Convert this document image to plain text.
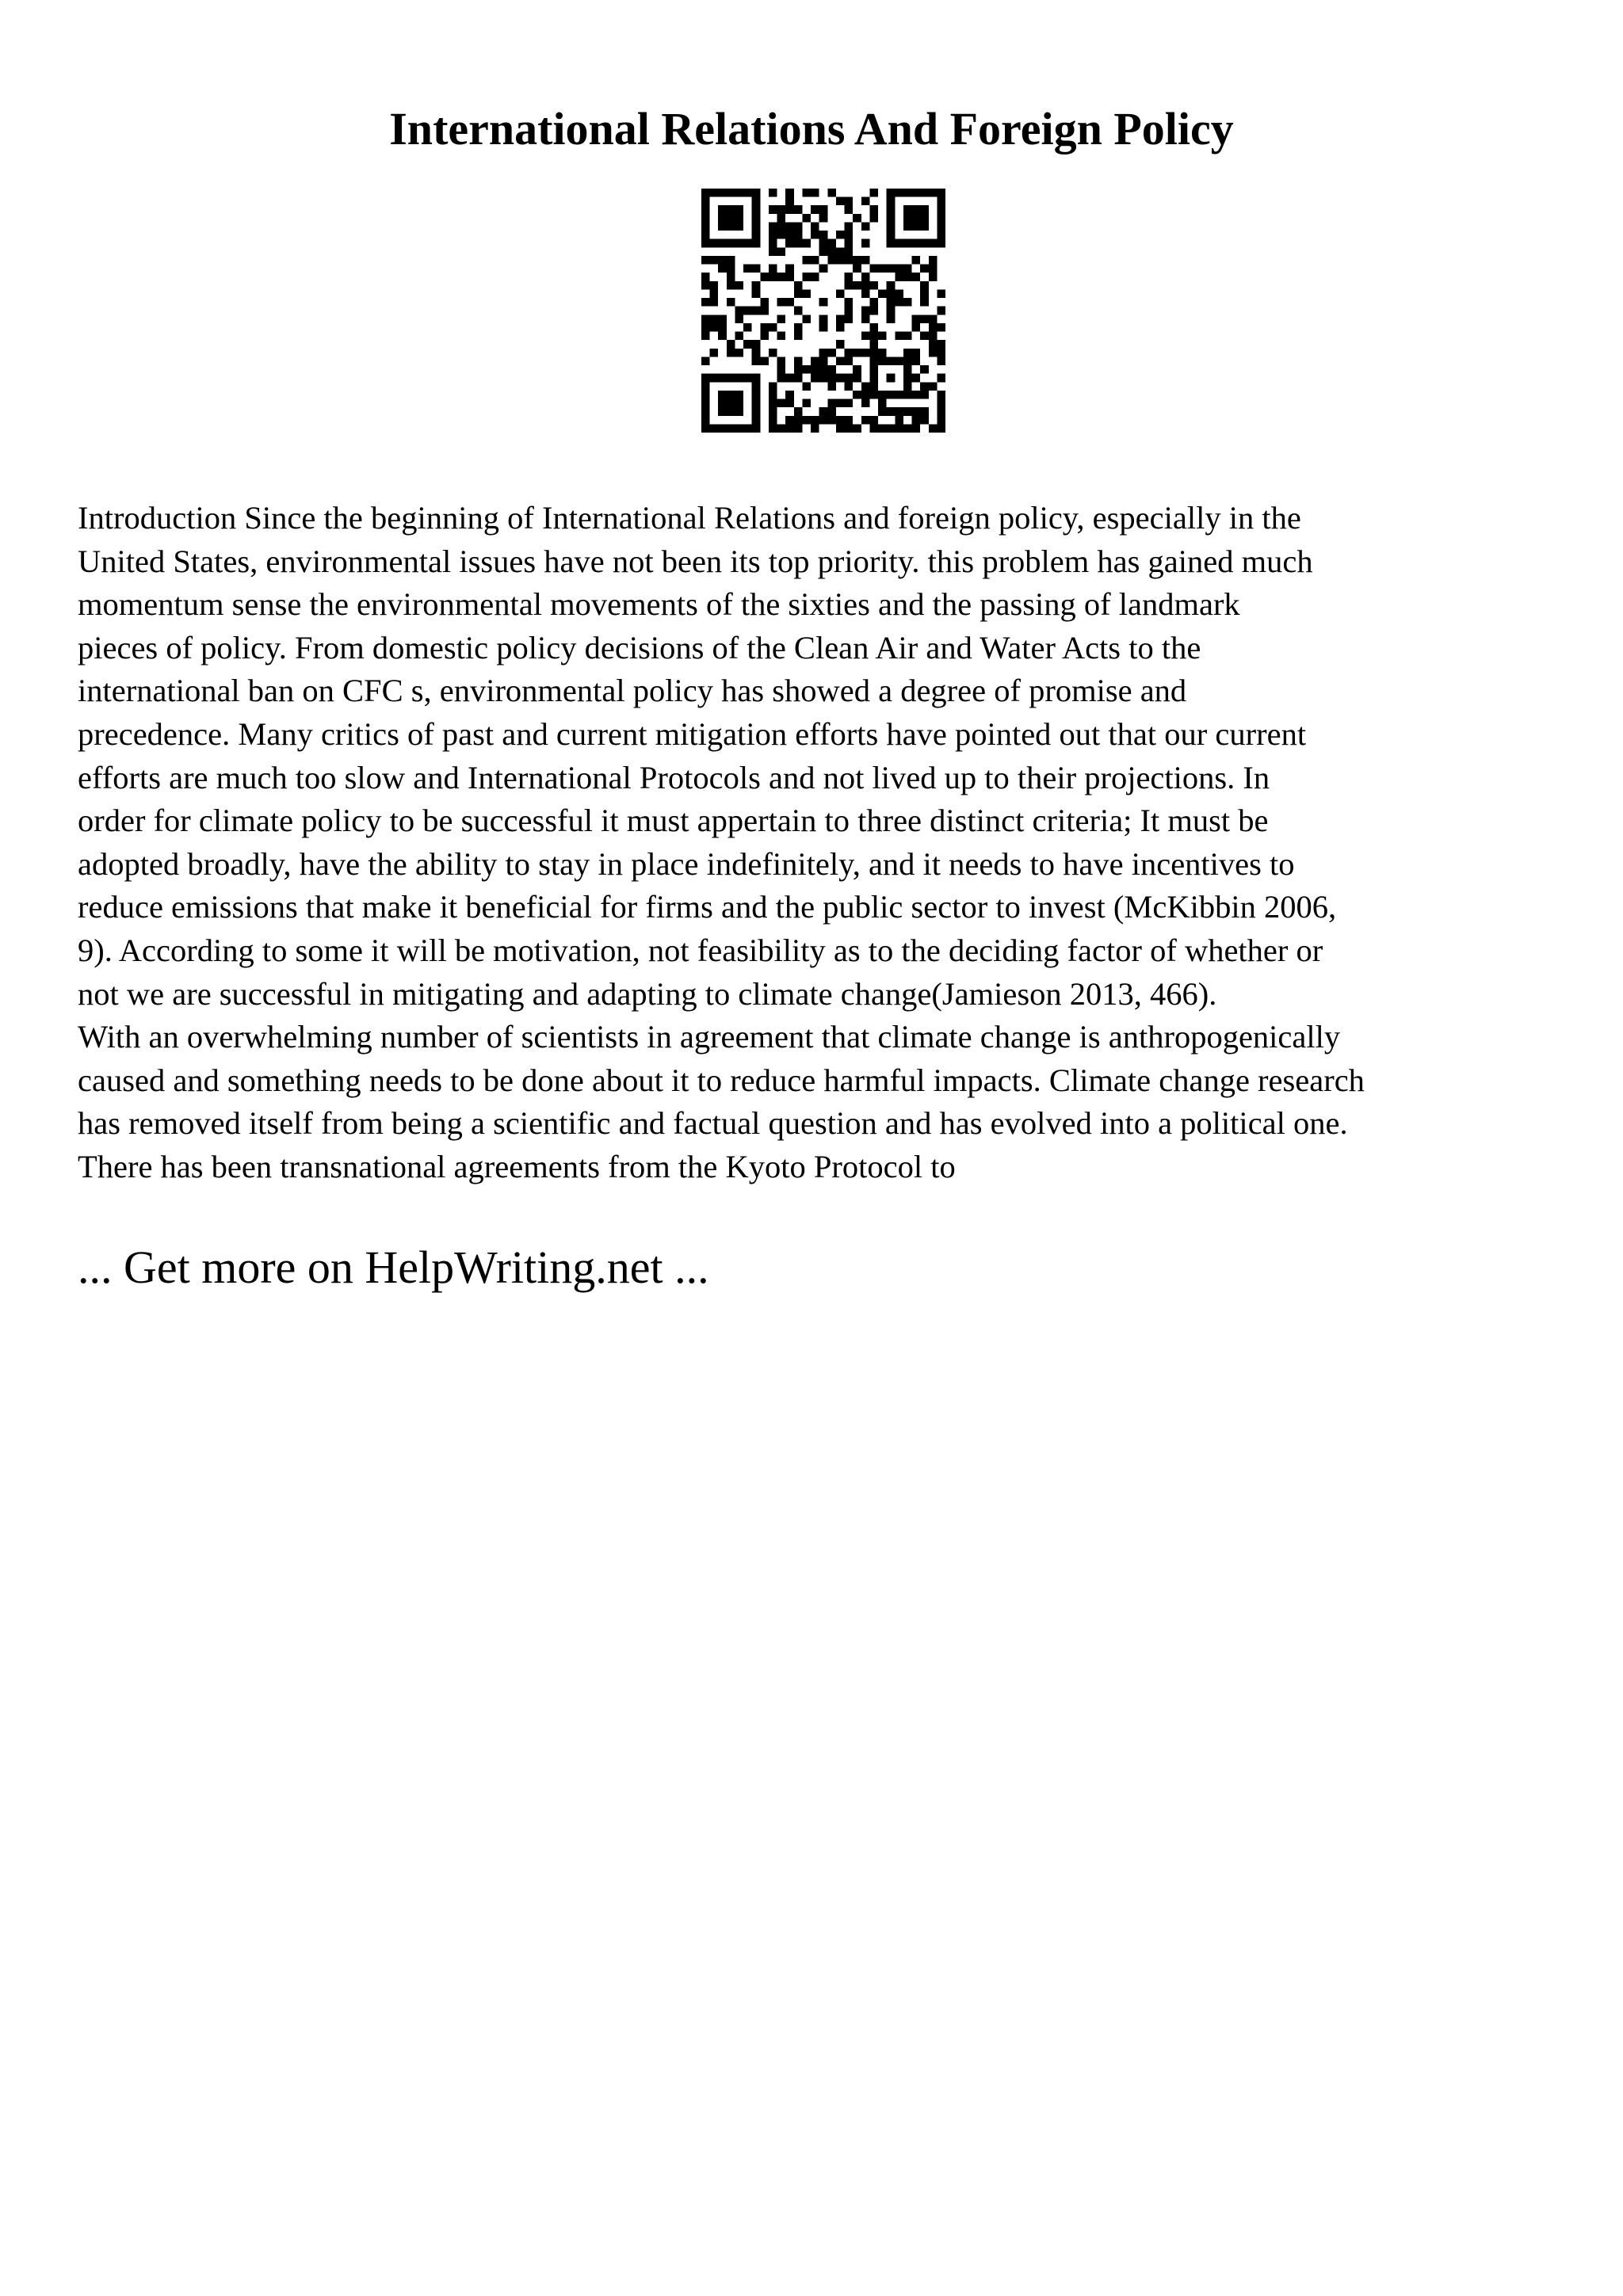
International Relations And Foreign Policy
Introduction Since the beginning of International Relations and foreign policy, especially in the
United States, environmental issues have not been its top priority. this problem has gained much
momentum sense the environmental movements of the sixties and the passing of landmark
pieces of policy. From domestic policy decisions of the Clean Air and Water Acts to the
international ban on CFC s, environmental policy has showed a degree of promise and
precedence. Many critics of past and current mitigation efforts have pointed out that our current
efforts are much too slow and International Protocols and not lived up to their projections. In
order for climate policy to be successful it must appertain to three distinct criteria; It must be
adopted broadly, have the ability to stay in place indefinitely, and it needs to have incentives to
reduce emissions that make it beneficial for firms and the public sector to invest (McKibbin 2006,
9). According to some it will be motivation, not feasibility as to the deciding factor of whether or
not we are successful in mitigating and adapting to climate change(Jamieson 2013, 466).
With an overwhelming number of scientists in agreement that climate change is anthropogenically
caused and something needs to be done about it to reduce harmful impacts. Climate change research
has removed itself from being a scientific and factual question and has evolved into a political one.
There has been transnational agreements from the Kyoto Protocol to

... Get more on HelpWriting.net ...
